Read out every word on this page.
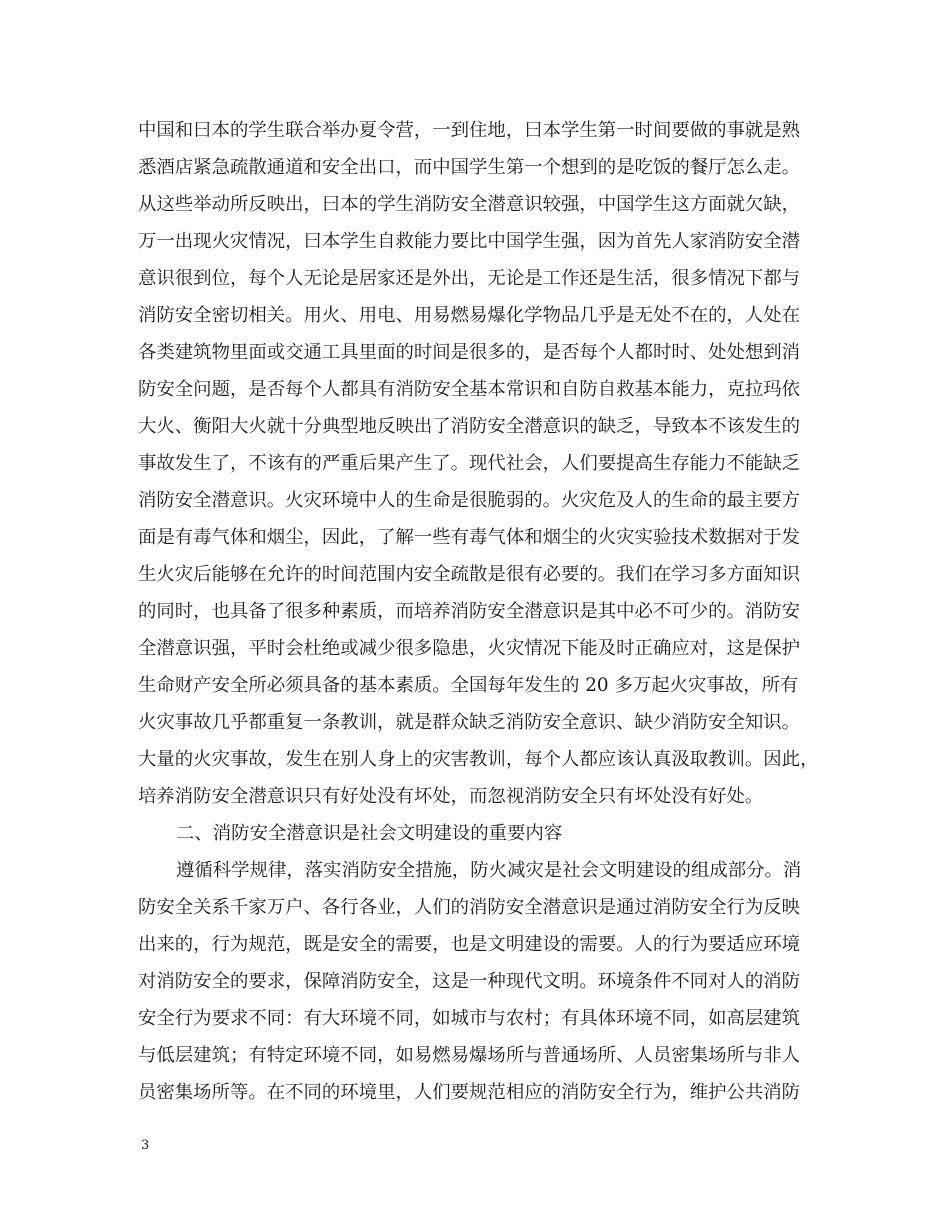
中国和曰本的学生联合举办夏令营，一到住地，曰本学生第一时间要做的事就是熟
悉酒店紧急疏散通道和安全出口，而中国学生第一个想到的是吃饭的餐厅怎么走。
从这些举动所反映出，曰本的学生消防安全潜意识较强，中国学生这方面就欠缺，
万一出现火灾情况，曰本学生自救能力要比中国学生强，因为首先人家消防安全潜
意识很到位，每个人无论是居家还是外出，无论是工作还是生活，很多情况下都与
消防安全密切相关。用火、用电、用易燃易爆化学物品几乎是无处不在的，人处在
各类建筑物里面或交通工具里面的时间是很多的，是否每个人都时时、处处想到消
防安全问题，是否每个人都具有消防安全基本常识和自防自救基本能力，克拉玛依
大火、衡阳大火就十分典型地反映出了消防安全潜意识的缺乏，导致本不该发生的
事故发生了，不该有的严重后果产生了。现代社会，人们要提高生存能力不能缺乏
消防安全潜意识。火灾环境中人的生命是很脆弱的。火灾危及人的生命的最主要方
面是有毒气体和烟尘，因此，了解一些有毒气体和烟尘的火灾实验技术数据对于发
生火灾后能够在允许的时间范围内安全疏散是很有必要的。我们在学习多方面知识
的同时，也具备了很多种素质，而培养消防安全潜意识是其中必不可少的。消防安
全潜意识强，平时会杜绝或减少很多隐患，火灾情况下能及时正确应对，这是保护
生命财产安全所必须具备的基本素质。全国每年发生的 20 多万起火灾事故，所有
火灾事故几乎都重复一条教训，就是群众缺乏消防安全意识、缺少消防安全知识。
大量的火灾事故，发生在别人身上的灾害教训，每个人都应该认真汲取教训。因此，
培养消防安全潜意识只有好处没有坏处，而忽视消防安全只有坏处没有好处。
二、消防安全潜意识是社会文明建设的重要内容
遵循科学规律，落实消防安全措施，防火减灾是社会文明建设的组成部分。消
防安全关系千家万户、各行各业，人们的消防安全潜意识是通过消防安全行为反映
出来的，行为规范，既是安全的需要，也是文明建设的需要。人的行为要适应环境
对消防安全的要求，保障消防安全，这是一种现代文明。环境条件不同对人的消防
安全行为要求不同：有大环境不同，如城市与农村；有具体环境不同，如高层建筑
与低层建筑；有特定环境不同，如易燃易爆场所与普通场所、人员密集场所与非人
员密集场所等。在不同的环境里，人们要规范相应的消防安全行为，维护公共消防
3
